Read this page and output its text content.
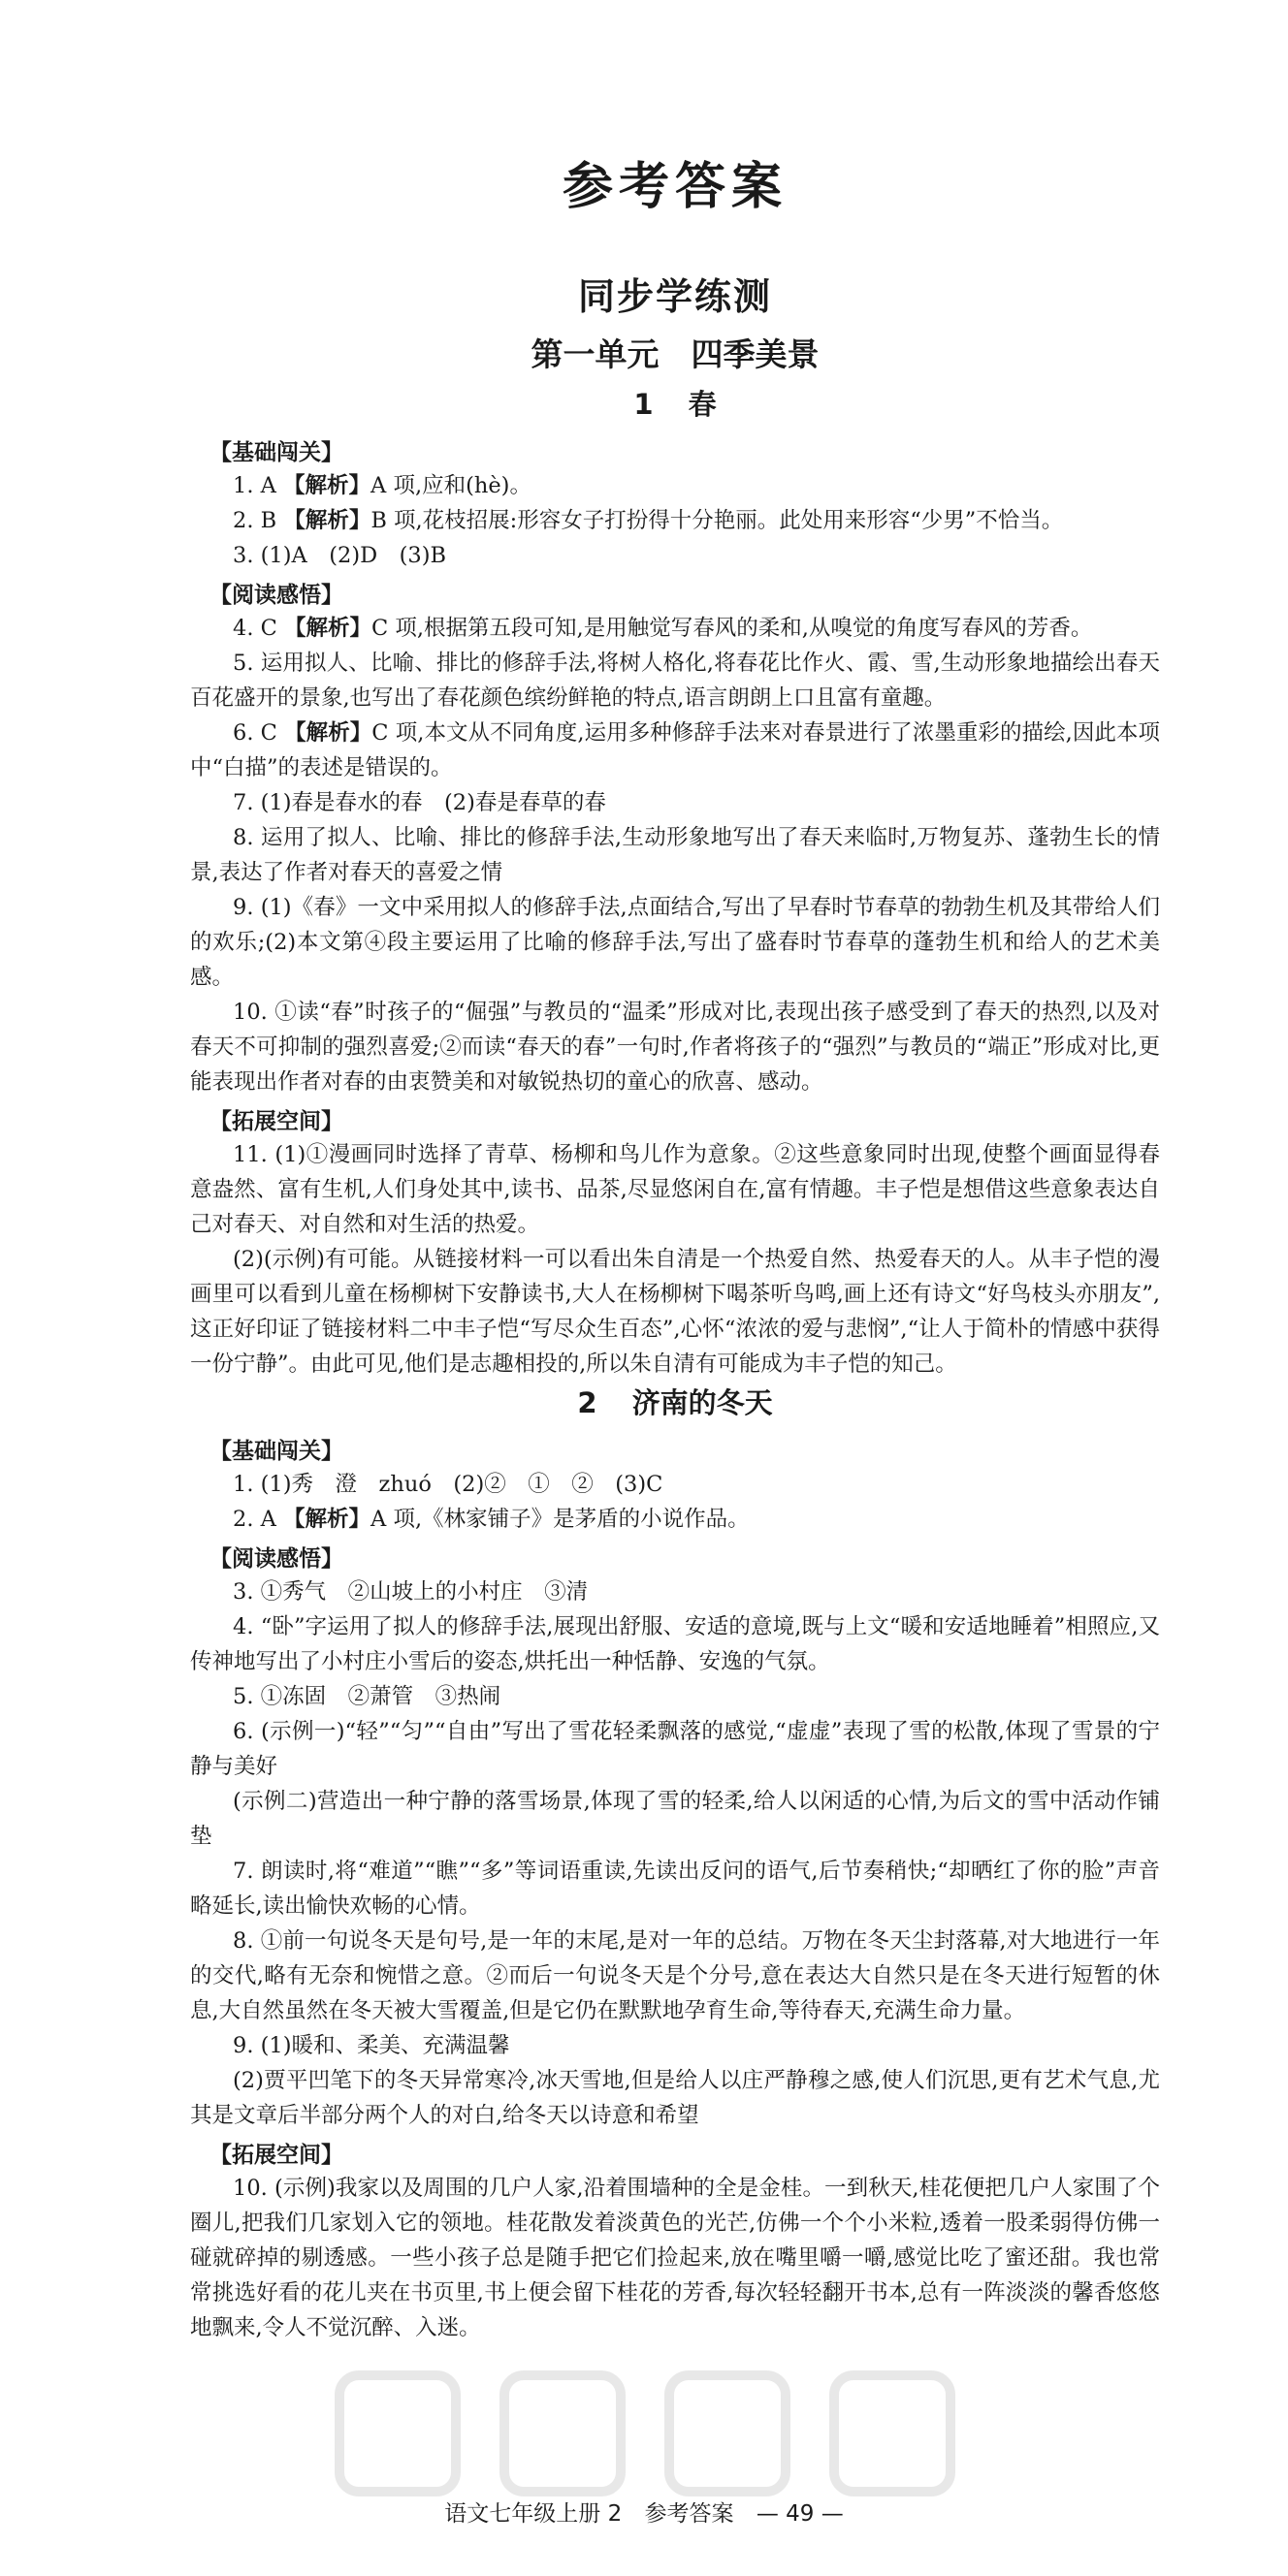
参考答案
同步学练测
第一单元　四季美景
1 春
【基础闯关】

1. A 【解析】A 项,应和(hè)。

2. B 【解析】B 项,花枝招展:形容女子打扮得十分艳丽。此处用来形容“少男”不恰当。

3. (1)A　(2)D　(3)B

【阅读感悟】

4. C 【解析】C 项,根据第五段可知,是用触觉写春风的柔和,从嗅觉的角度写春风的芳香。

5. 运用拟人、比喻、排比的修辞手法,将树人格化,将春花比作火、霞、雪,生动形象地描绘出春天百花盛开的景象,也写出了春花颜色缤纷鲜艳的特点,语言朗朗上口且富有童趣。

6. C 【解析】C 项,本文从不同角度,运用多种修辞手法来对春景进行了浓墨重彩的描绘,因此本项中“白描”的表述是错误的。

7. (1)春是春水的春　(2)春是春草的春

8. 运用了拟人、比喻、排比的修辞手法,生动形象地写出了春天来临时,万物复苏、蓬勃生长的情景,表达了作者对春天的喜爱之情

9. (1)《春》一文中采用拟人的修辞手法,点面结合,写出了早春时节春草的勃勃生机及其带给人们的欢乐;(2)本文第④段主要运用了比喻的修辞手法,写出了盛春时节春草的蓬勃生机和给人的艺术美感。

10. ①读“春”时孩子的“倔强”与教员的“温柔”形成对比,表现出孩子感受到了春天的热烈,以及对春天不可抑制的强烈喜爱;②而读“春天的春”一句时,作者将孩子的“强烈”与教员的“端正”形成对比,更能表现出作者对春的由衷赞美和对敏锐热切的童心的欣喜、感动。

【拓展空间】

11. (1)①漫画同时选择了青草、杨柳和鸟儿作为意象。②这些意象同时出现,使整个画面显得春意盎然、富有生机,人们身处其中,读书、品茶,尽显悠闲自在,富有情趣。丰子恺是想借这些意象表达自己对春天、对自然和对生活的热爱。

(2)(示例)有可能。从链接材料一可以看出朱自清是一个热爱自然、热爱春天的人。从丰子恺的漫画里可以看到儿童在杨柳树下安静读书,大人在杨柳树下喝茶听鸟鸣,画上还有诗文“好鸟枝头亦朋友”,这正好印证了链接材料二中丰子恺“写尽众生百态”,心怀“浓浓的爱与悲悯”,“让人于简朴的情感中获得一份宁静”。由此可见,他们是志趣相投的,所以朱自清有可能成为丰子恺的知己。

2 济南的冬天
【基础闯关】

1. (1)秀　澄　zhuó　(2)②　①　②　(3)C

2. A 【解析】A 项,《林家铺子》是茅盾的小说作品。

【阅读感悟】

3. ①秀气　②山坡上的小村庄　③清

4. “卧”字运用了拟人的修辞手法,展现出舒服、安适的意境,既与上文“暖和安适地睡着”相照应,又传神地写出了小村庄小雪后的姿态,烘托出一种恬静、安逸的气氛。

5. ①冻固　②萧管　③热闹

6. (示例一)“轻”“匀”“自由”写出了雪花轻柔飘落的感觉,“虚虚”表现了雪的松散,体现了雪景的宁静与美好

(示例二)营造出一种宁静的落雪场景,体现了雪的轻柔,给人以闲适的心情,为后文的雪中活动作铺垫

7. 朗读时,将“难道”“瞧”“多”等词语重读,先读出反问的语气,后节奏稍快;“却晒红了你的脸”声音略延长,读出愉快欢畅的心情。

8. ①前一句说冬天是句号,是一年的末尾,是对一年的总结。万物在冬天尘封落幕,对大地进行一年的交代,略有无奈和惋惜之意。②而后一句说冬天是个分号,意在表达大自然只是在冬天进行短暂的休息,大自然虽然在冬天被大雪覆盖,但是它仍在默默地孕育生命,等待春天,充满生命力量。

9. (1)暖和、柔美、充满温馨

(2)贾平凹笔下的冬天异常寒冷,冰天雪地,但是给人以庄严静穆之感,使人们沉思,更有艺术气息,尤其是文章后半部分两个人的对白,给冬天以诗意和希望

【拓展空间】

10. (示例)我家以及周围的几户人家,沿着围墙种的全是金桂。一到秋天,桂花便把几户人家围了个圈儿,把我们几家划入它的领地。桂花散发着淡黄色的光芒,仿佛一个个小米粒,透着一股柔弱得仿佛一碰就碎掉的剔透感。一些小孩子总是随手把它们捡起来,放在嘴里嚼一嚼,感觉比吃了蜜还甜。我也常常挑选好看的花儿夹在书页里,书上便会留下桂花的芳香,每次轻轻翻开书本,总有一阵淡淡的馨香悠悠地飘来,令人不觉沉醉、入迷。

语文七年级上册 2 参考答案 — 49 —
